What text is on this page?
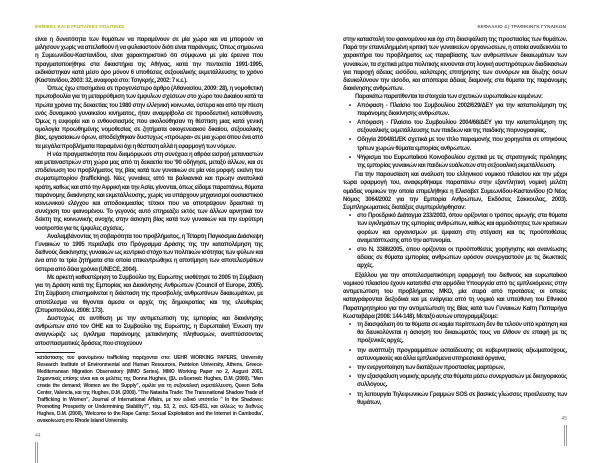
ΕΘΝΙΚΕΣ ΚΑΙ ΕΥΡΩΠΑΪΚΕΣ ΠΟΛΙΤΙΚΕΣ	ΚΕΦΑΛΑΙΟ 4 | ΤΡΑΦΙΚΙΝΓΚ ΓΥΝΑΙΚΩΝ

είναι η δυνατότητα των θυμάτων να παραμένουν σε μία χώρα και να μπορούν να μιλήσουν χωρίς να απελαθούν ή να φυλακιστούν διότι είναι παράνομες. Όπως σημειώνει η Συμεωνίδου-Καστανίδου, είναι χαρακτηριστικό ότι σύμφωνα με μία έρευνα που πραγματοποιήθηκε στα δικαστήρια της Αθήνας, κατά την πενταετία 1991-1995, εκδικάστηκαν κατά μέσο όρο μόνον 6 υποθέσεις σεξουαλικής εκμετάλλευσης το χρόνο (Καστανίδου, 2003: 32, αναφορά στο: Τσιγκρής, 2002: 7 κ.ε.).

Όπως έχω επισημάνει σε προγενέστερο άρθρο (Αθανασίου, 2009: 28), η νομοθετική πρωτοβουλία για τη μεταρρύθμιση των έμφυλων σχέσεων στο χώρο του Δικαίου κατά τα πρώτα χρόνια της δεκαετίας του 1980 στην ελληνική κοινωνία, ύστερα και από την πίεση ενός δυναμικού γυναικείου κινήματος, ήταν αναμφίβολα σε προοδευτική κατεύθυνση. Όμως η ευφορία και ο ενθουσιασμός που ακολούθησαν τη θέσπιση μιας κατά γενική ομολογία προωθημένης νομοθεσίας σε ζητήματα οικογενειακού δικαίου, σεξουαλικής βίας, εργασιακών όρων, αποδείχθηκαν δυστυχώς «πρόωρα» σε μια χώρα όπου ένα από τα μεγάλα προβλήματα παραμένει όχι η θέσπιση αλλά η εφαρμογή των νόμων.

Η νέα πραγματικότητα που διαμόρφωσε στη συνέχεια η αθρόα εισροή μεταναστών και μεταναστριών στη χώρα μας από τη δεκαετία του '90 οδήγησε, μεταξύ άλλων, και σε επιδείνωση του προβλήματος της βίας κατά των γυναικών σε μία νέα μορφή: εκείνη του σωματεμπορίου (trafficking). Νέες γυναίκες από τα βαλκανικά και πρώην ανατολικά κράτη, καθώς και από την Αφρική και την Ασία, γίνονται, όπως είδαμε παραπάνω, θύματα παράνομης διακίνησης και εκμετάλλευσης, χωρίς να υπάρχουν μηχανισμοί ουσιαστικού κοινωνικού ελέγχου και αποδοκιμασίας τέτοιοι που να αποτρέψουν δραστικά τη συνέχιση του φαινομένου. Το γεγονός αυτό επηρεάζει εκτός των άλλων αρνητικά τον δείκτη της κοινωνικής ανοχής στην άσκηση βίας κατά των γυναικών και την ευρύτερη νοοτροπία για τις έμφυλες σχέσεις.

Αναλαμβάνοντας τη σοβαρότητα του προβλήματος, η Τέταρτη Παγκόσμια Διάσκεψη Γυναικών το 1995 περιέλαβε στο Πρόγραμμα Δράσης της την καταπολέμηση της διεθνούς διακίνησης γυναικών ως κεντρικό στόχο των πολιτικών ισότητας των φύλων και ένα από τα τρία ζητήματα στα οποία επικεντρώθηκε η αποτίμηση των αποτελεσμάτων ύστερα από δέκα χρόνια (UNECE, 2004).

Με αρκετή καθυστέρηση το Συμβούλιο της Ευρώπης υιοθέτησε το 2005 τη Σύμβαση για τη Δράση κατά της Εμπορίας και Διακίνησης Ανθρώπων (Council of Europe, 2005). Στη Σύμβαση επισημαίνεται η διάσταση της προσβολής ανθρωπίνων δικαιωμάτων, με αποτέλεσμα να θίγονται άμεσα οι αρχές της δημοκρατίας και της ελευθερίας (Σπυροπούλου, 2006: 173).

Δυστυχώς σε αντίθεση με την αντιμετώπιση της εμπορίας και διακίνησης ανθρώπων από τον ΟΗΕ και το Συμβούλιο της Ευρώπης, η Ευρωπαϊκή Ένωση την αναγνώριζε ως έγκλημα παράνομης μετακίνησης πληθυσμών, αναπτύσσοντας αποσπασματικές δράσεις που στοχεύουν

κατάστασης του φαινομένου trafficking παρέχονται στο: UEHR WORKING PAPERS, University Research Institute of Environmental and Human Resources, Panteion University, Athens, Greece-Mediterranean Migration Observatory (MMO Series). MMO Working Paper no 2, August 2001. Σημαντικές επίσης είναι και οι μελέτες της Donna Hughes, (βλ. ενδεικτικά: Hughes, D.M. (2000). "Men create the demand; Women are the Supply", ομιλία για τη σεξουαλική εκμετάλλευση, Queen Sofia Center, Valencia, και της Hughes, D.M. (2000). "The Natasha Trade: The Transnational Shadow Trade of Trafficking in Women", Journal of International Affairs, με τον ειδικό υπότιτλο " In the Shadows: Promoting Prosperity or Undermining Stability?", τόμ. 53, 2, σελ. 625-651, και αλλιώς το διεθνώς Hughes, D.M. (2000), 'Welcome to the Rape Camp: Sexual Exploitation and the Internet in Cambodia', ανακοίνωση στο Rhode Island University.
44

στην καταστολή του φαινομένου και όχι στη διασφάλιση της προστασίας των θυμάτων. Παρά την επανειλημμένη κριτική των γυναικείων οργανώσεων, η οποία αναδεικνύει το χαρακτήρα του προβλήματος ως παραβίασης των ανθρωπίνων δικαιωμάτων των γυναικών, τα σχετικά μέτρα πολιτικής κινούνται στη λογική αυστηρότερων διαδικασιών για παροχή άδειας εισόδου, καλύτερης επιτήρησης των συνόρων και δίωξης όσων διευκολύνουν την είσοδο, και απόπειρα άδειας διαμονής στα θύματα της παράνομης διακίνησης ανθρώπων.

Παρακάτω παρατίθενται τα στοιχεία των σχετικών ευρωπαϊκών κειμένων:

• Απόφαση - Πλαίσιο του Συμβουλίου 2002/629/ΔΕΥ για την καταπολέμηση της παράνομης διακίνησης ανθρώπων.
• Απόφαση - Πλαίσιο του Συμβουλίου 2004/68/ΔΕΥ για την καταπολέμηση της σεξουαλικής εκμετάλλευσης των παιδιών και της παιδικής πορνογραφίας.
• Οδηγία 2004/81/ΕΚ σχετικά με τον τίτλο παραμονής που χορηγείται σε υπηκόους τρίτων χωρών θύματα εμπορίας ανθρώπων.
• Ψήφισμα του Ευρωπαϊκού Κοινοβουλίου σχετικά με τις στρατηγικές πρόληψης της εμπορίας γυναικών και παιδιών ευάλωτων στη σεξουαλική εκμετάλλευση.

Για την παρουσίαση και ανάλυση του ελληνικού νομικού πλαισίου και την μέχρι τώρα εφαρμογή του, αναφερθήκαμε παραπάνω στην εξαντλητική νομική μελέτη ομάδας νομικών την οποία επιμελήθηκε η Ελισάβετ Συμεωνίδου-Καστανίδου (Ο Νέος Νόμος 3064/2002 για την Εμπορία Ανθρώπων, Εκδόσεις Σάκκουλας, 2003). Συμπληρωματικές διατάξεις συμπεριλήφθησαν:

• στο Προεδρικό Διάταγμα 233/2003, όπου ορίζονται ο τρόπος αρωγής στα θύματα των εγκλημάτων της εμπορίας ανθρώπων, καθώς και αρμοδιότητες των κρατικών φορέων και οργανισμών με έμφαση στη στέγαση και τις προϋποθέσεις αναμετάπτωσης από την αστυνομία.
• στο Ν. 3386/2005, όπου ορίζονται οι προϋποθέσεις χορήγησης και ανανέωσης άδειας σε θύματα εμπορίας ανθρώπων εφόσον συνεργαστούν με τις διωκτικές αρχές.

Εξάλλου για την αποτελεσματικότερη εφαρμογή του διεθνούς και ευρωπαϊκού νομικού πλαισίου έχουν κατατεθεί στα αρμόδια Υπουργεία από τις εμπλεκόμενες στην αντιμετώπιση του προβλήματος ΜΚΟ, μία σειρά από προτάσεις οι οποίες καταγράφονται διεξοδικά και με ενάργεια από τη νομικό και υπεύθυνη του Εθνικού Παρατηρητηρίου για την αντιμετώπιση της Βίας κατά των Γυναικών Καίτη Παπαρήγα Κωσταβάρα (2008: 144-148). Μεταξύ αυτών υπογραμμίζουμε:

• τη διασφάλιση ότι τα θύματα σε καμία περίπτωση δεν θα τελούν υπό κράτηση και θα διευκολύνεται η άσκηση του δικαιώματός τους να έλθουν σε επαφή με τις προξενικές αρχές,
• την ανάπτυξη προγραμμάτων εκπαίδευσης σε κυβερνητικούς αξιωματούχους, αστυνομικούς και άλλα εμπλεκόμενα υπηρεσιακά όργανα,
• την ενεργοποίηση των διατάξεων προστασίας μαρτύρων,
• την εξασφάλιση νομικής αρωγής στα θύματα μέσω συνεργασιών με δικηγορικούς συλλόγους,
• τη λειτουργία Τηλεφωνικών Γραμμών SOS σε βασικές γλώσσες προέλευσης των θυμάτων,
45
